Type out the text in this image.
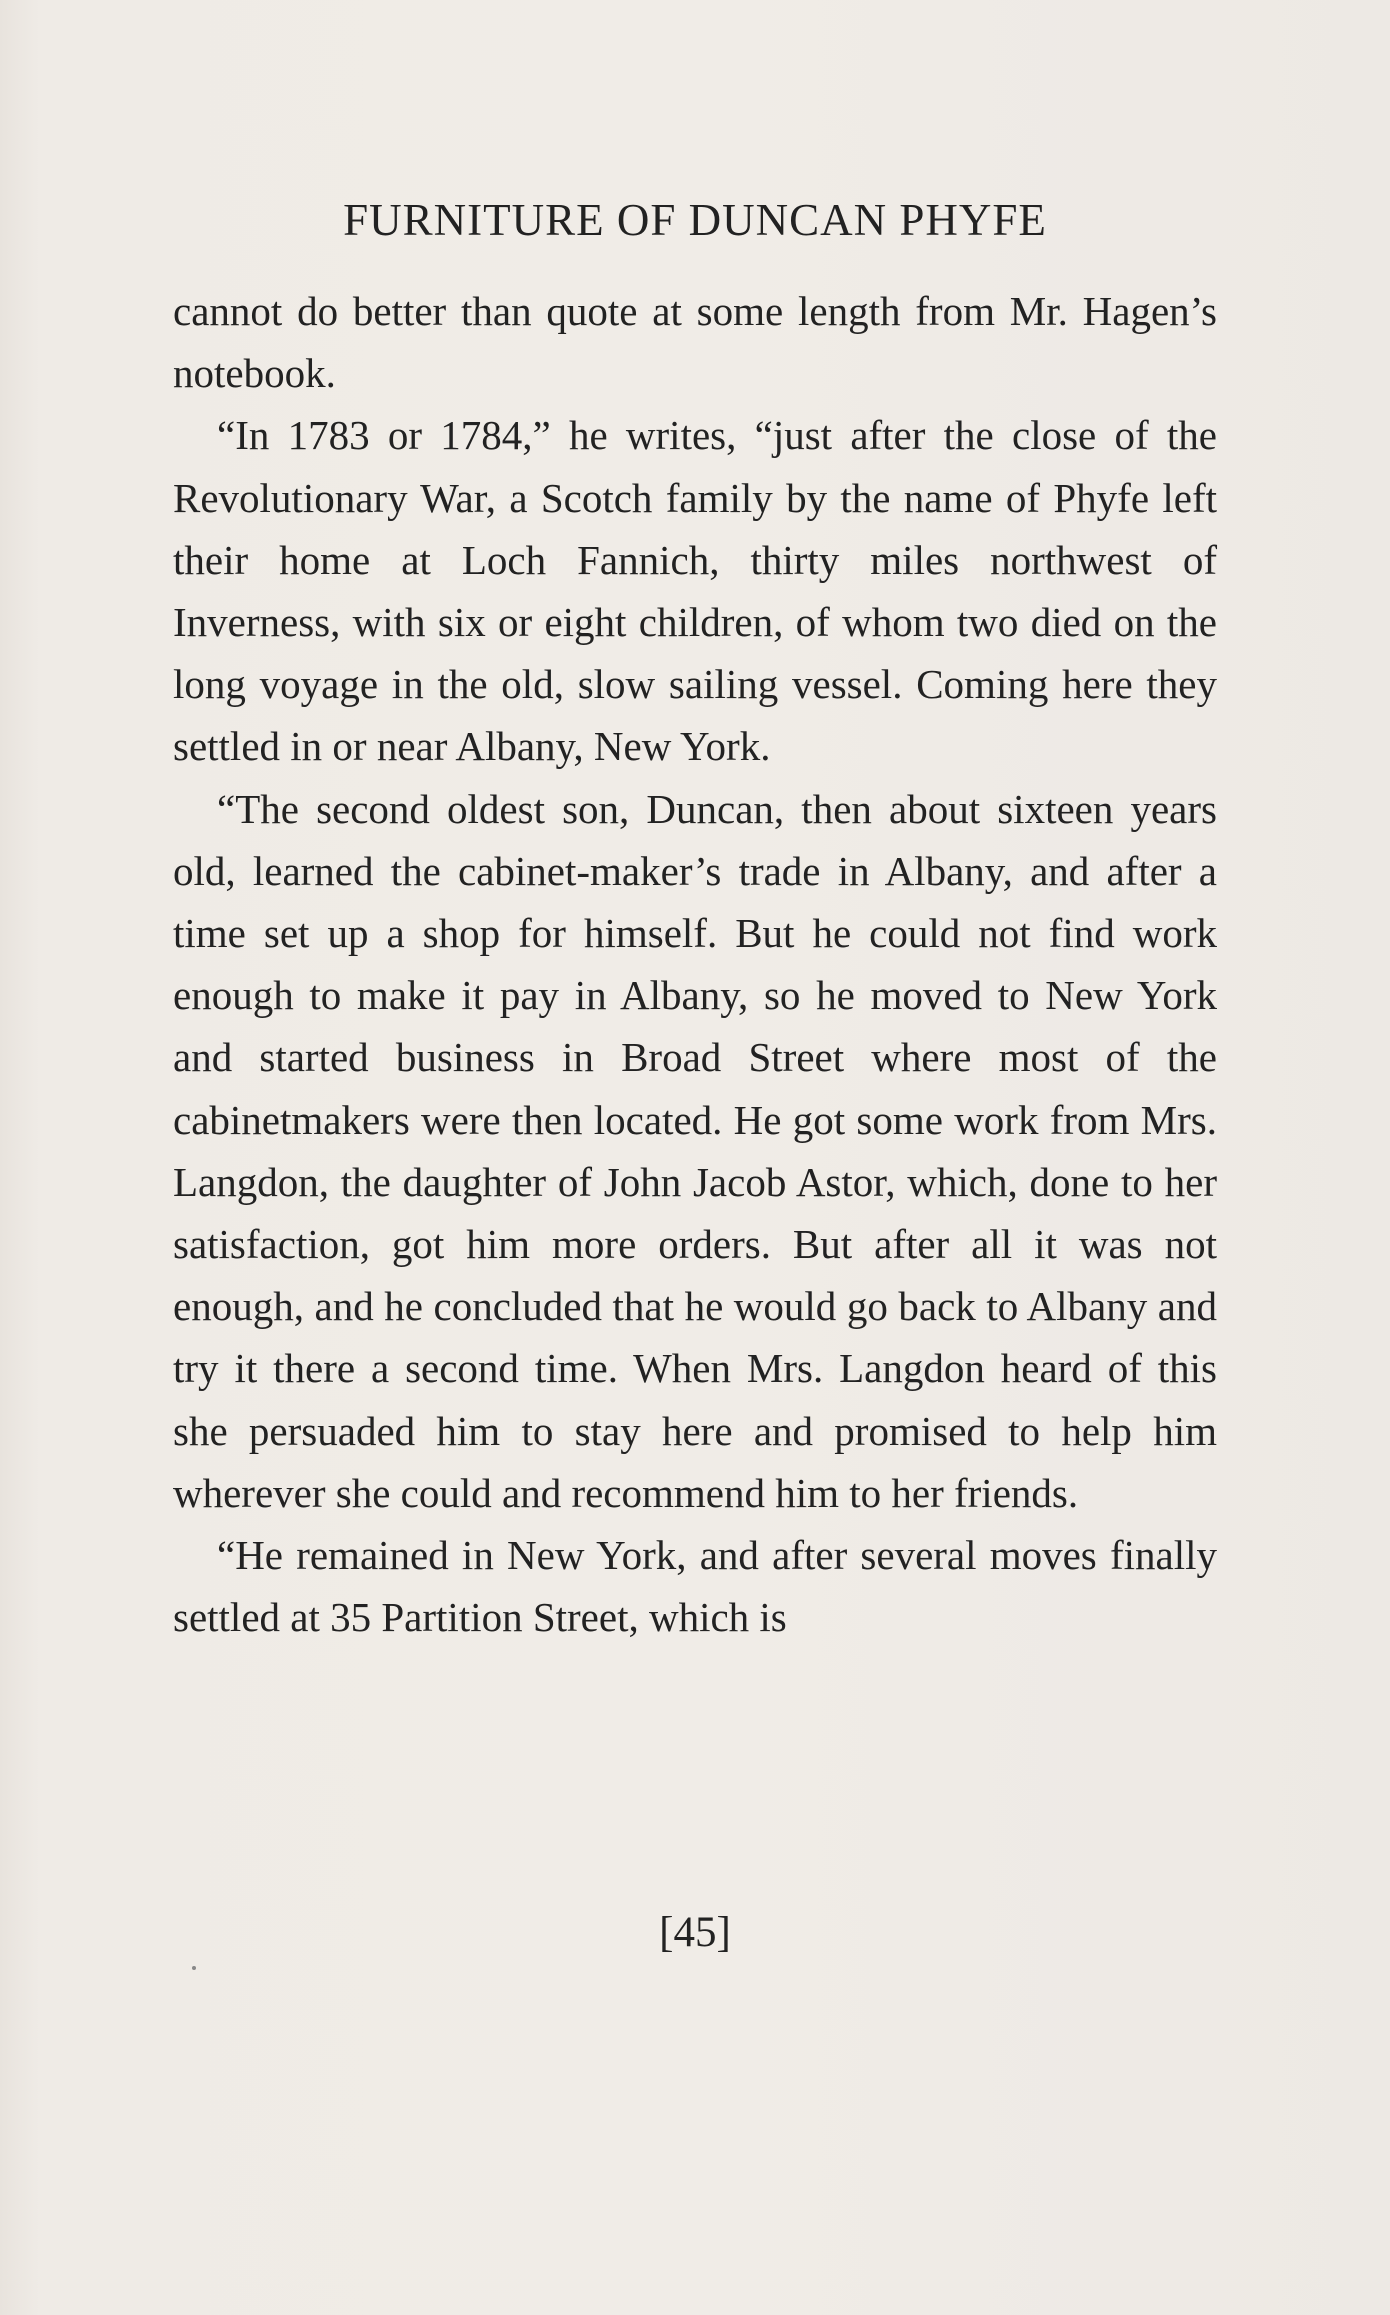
FURNITURE OF DUNCAN PHYFE

cannot do better than quote at some length from Mr. Hagen’s notebook.

“In 1783 or 1784,” he writes, “just after the close of the Revolutionary War, a Scotch family by the name of Phyfe left their home at Loch Fannich, thirty miles northwest of Inverness, with six or eight children, of whom two died on the long voyage in the old, slow sailing vessel. Coming here they settled in or near Albany, New York.

“The second oldest son, Duncan, then about sixteen years old, learned the cabinet-maker’s trade in Albany, and after a time set up a shop for himself. But he could not find work enough to make it pay in Albany, so he moved to New York and started business in Broad Street where most of the cabinetmakers were then located. He got some work from Mrs. Langdon, the daughter of John Jacob Astor, which, done to her satisfaction, got him more orders. But after all it was not enough, and he concluded that he would go back to Albany and try it there a second time. When Mrs. Langdon heard of this she persuaded him to stay here and promised to help him wherever she could and recommend him to her friends.

“He remained in New York, and after several moves finally settled at 35 Partition Street, which is

[45]
